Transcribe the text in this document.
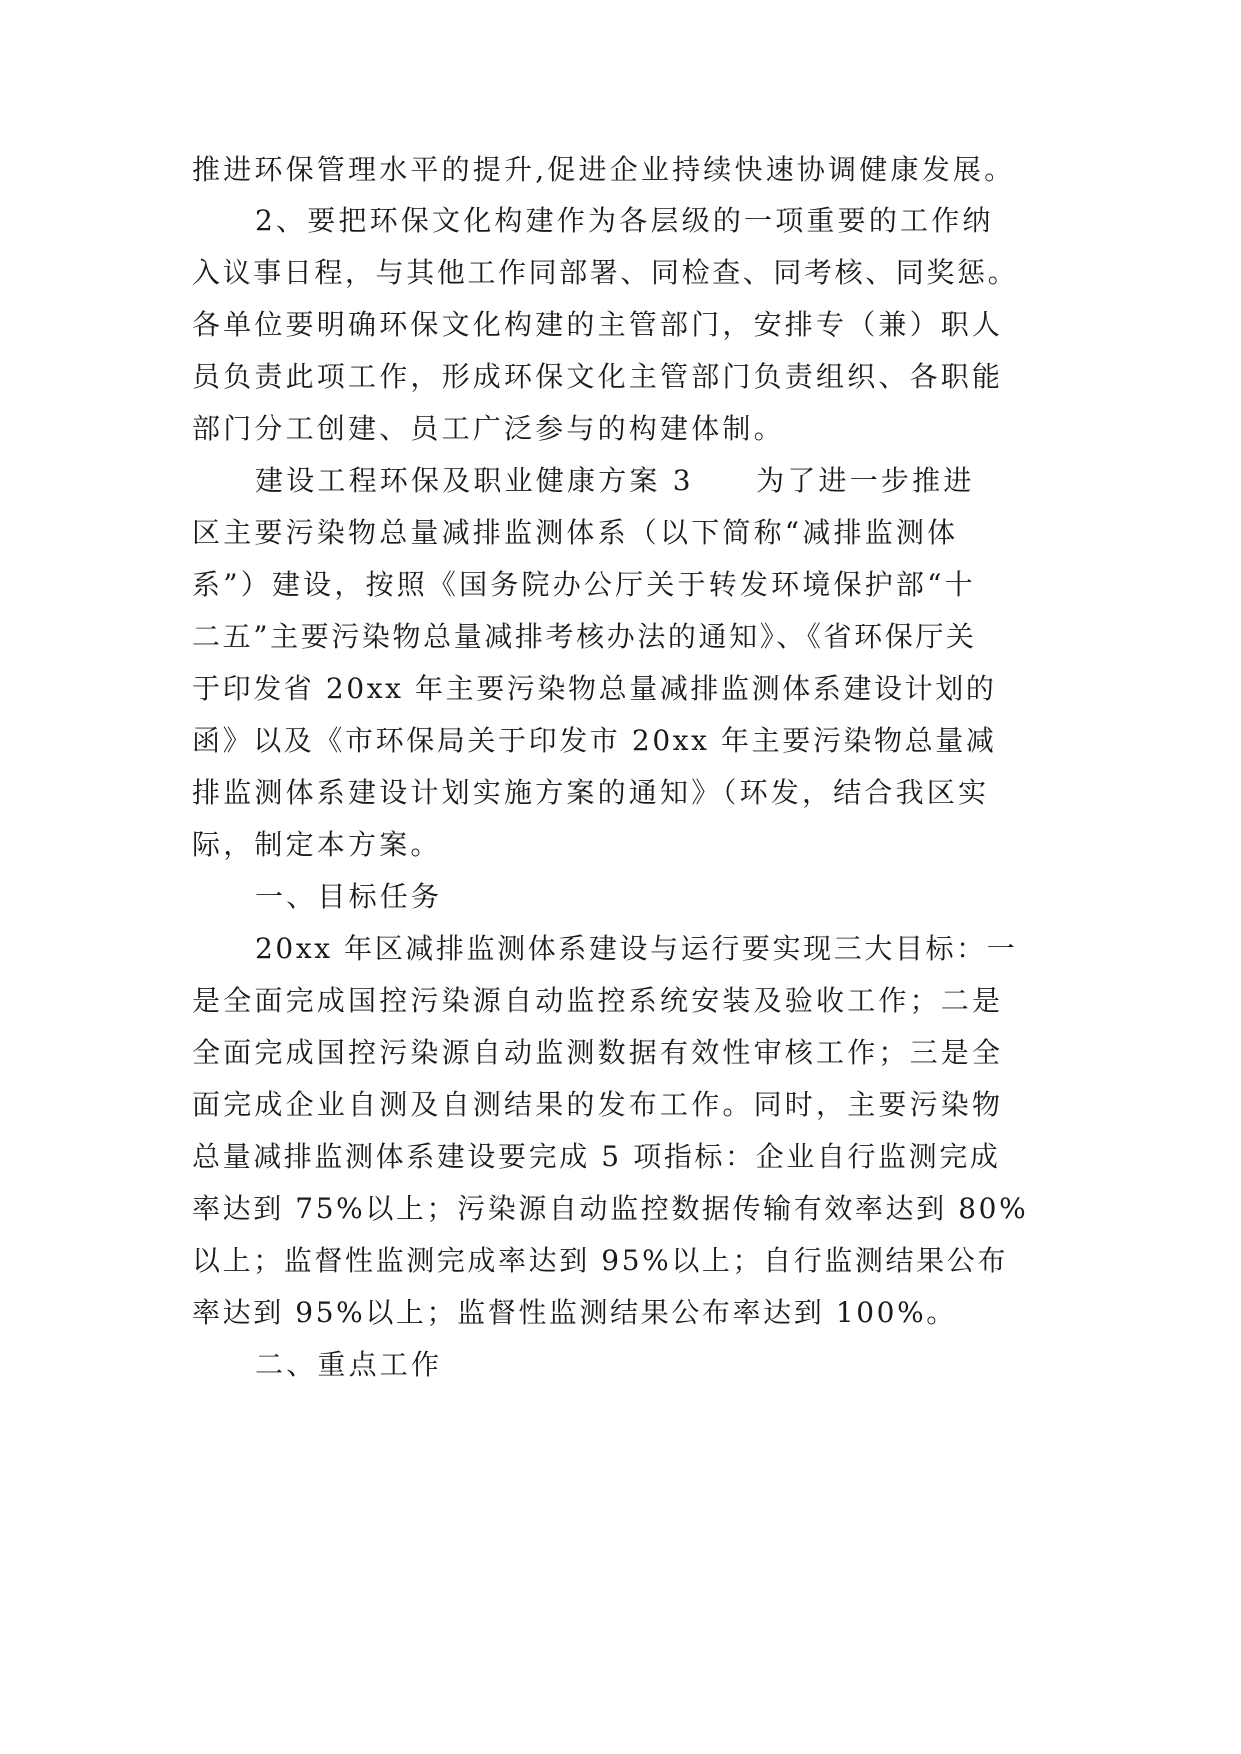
推进环保管理水平的提升,促进企业持续快速协调健康发展。

2、要把环保文化构建作为各层级的一项重要的工作纳

入议事日程，与其他工作同部署、同检查、同考核、同奖惩。

各单位要明确环保文化构建的主管部门，安排专（兼）职人

员负责此项工作，形成环保文化主管部门负责组织、各职能

部门分工创建、员工广泛参与的构建体制。

建设工程环保及职业健康方案 3　　为了进一步推进

区主要污染物总量减排监测体系（以下简称“减排监测体

系”）建设，按照《国务院办公厅关于转发环境保护部“十

二五”主要污染物总量减排考核办法的通知》、《省环保厅关

于印发省 20xx 年主要污染物总量减排监测体系建设计划的

函》以及《市环保局关于印发市 20xx 年主要污染物总量减

排监测体系建设计划实施方案的通知》（环发，结合我区实

际，制定本方案。

一、目标任务

20xx 年区减排监测体系建设与运行要实现三大目标：一

是全面完成国控污染源自动监控系统安装及验收工作；二是

全面完成国控污染源自动监测数据有效性审核工作；三是全

面完成企业自测及自测结果的发布工作。同时，主要污染物

总量减排监测体系建设要完成 5 项指标：企业自行监测完成

率达到 75%以上；污染源自动监控数据传输有效率达到 80%

以上；监督性监测完成率达到 95%以上；自行监测结果公布

率达到 95%以上；监督性监测结果公布率达到 100%。

二、重点工作
